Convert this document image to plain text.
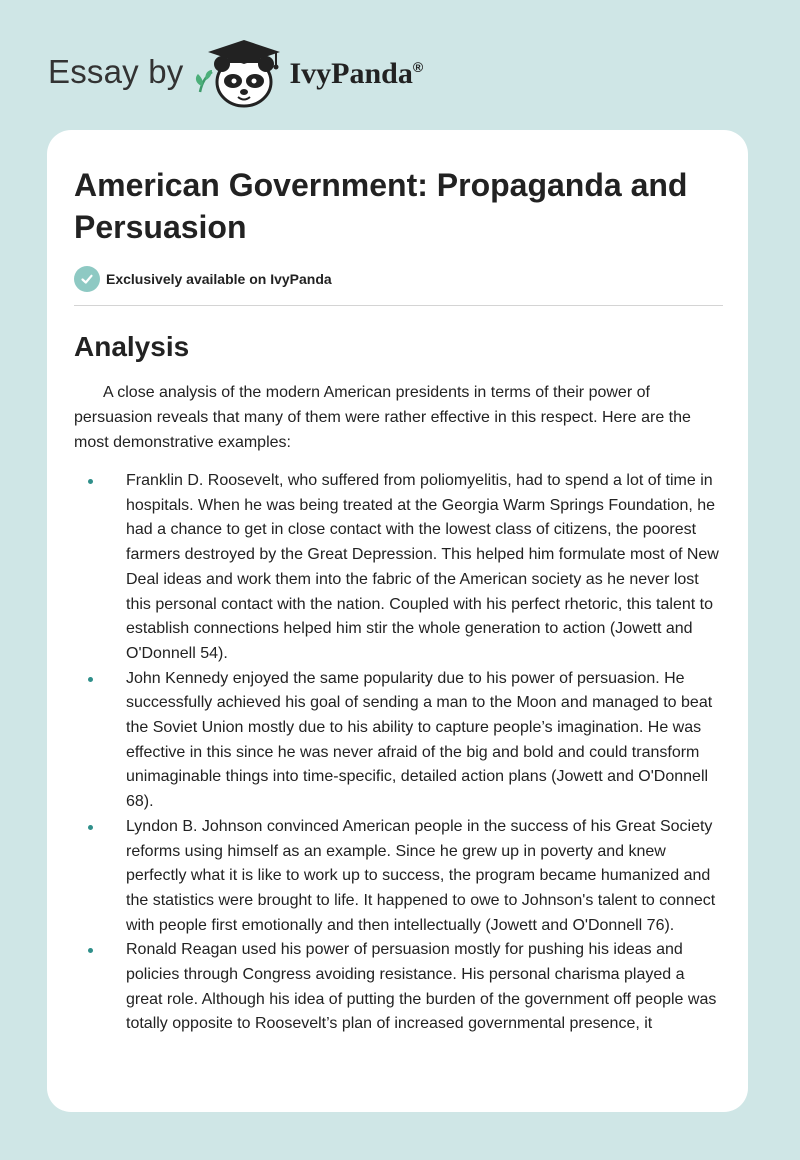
Essay by	IvyPanda®
American Government: Propaganda and Persuasion
Exclusively available on IvyPanda
Analysis

A close analysis of the modern American presidents in terms of their power of persuasion reveals that many of them were rather effective in this respect. Here are the most demonstrative examples:

Franklin D. Roosevelt, who suffered from poliomyelitis, had to spend a lot of time in hospitals. When he was being treated at the Georgia Warm Springs Foundation, he had a chance to get in close contact with the lowest class of citizens, the poorest farmers destroyed by the Great Depression. This helped him formulate most of New Deal ideas and work them into the fabric of the American society as he never lost this personal contact with the nation. Coupled with his perfect rhetoric, this talent to establish connections helped him stir the whole generation to action (Jowett and O'Donnell 54).
John Kennedy enjoyed the same popularity due to his power of persuasion. He successfully achieved his goal of sending a man to the Moon and managed to beat the Soviet Union mostly due to his ability to capture people’s imagination. He was effective in this since he was never afraid of the big and bold and could transform unimaginable things into time-specific, detailed action plans (Jowett and O'Donnell 68).
Lyndon B. Johnson convinced American people in the success of his Great Society reforms using himself as an example. Since he grew up in poverty and knew perfectly what it is like to work up to success, the program became humanized and the statistics were brought to life. It happened to owe to Johnson's talent to connect with people first emotionally and then intellectually (Jowett and O'Donnell 76).
Ronald Reagan used his power of persuasion mostly for pushing his ideas and policies through Congress avoiding resistance. His personal charisma played a great role. Although his idea of putting the burden of the government off people was totally opposite to Roosevelt’s plan of increased governmental presence, it
